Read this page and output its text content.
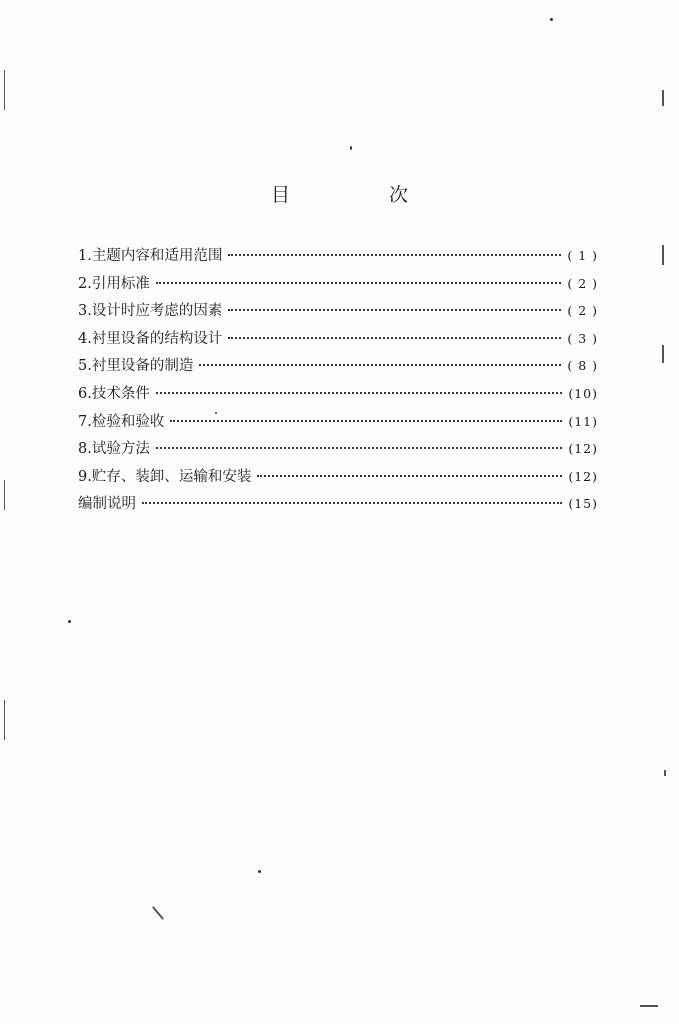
目　次
1. 主题内容和适用范围	( 1 )
2. 引用标准	( 2 )
3. 设计时应考虑的因素	( 2 )
4. 衬里设备的结构设计	( 3 )
5. 衬里设备的制造	( 8 )
6. 技术条件	(10)
7. 检验和验收	(11)
8. 试验方法	(12)
9. 贮存、装卸、运输和安装	(12)
编制说明	(15)
